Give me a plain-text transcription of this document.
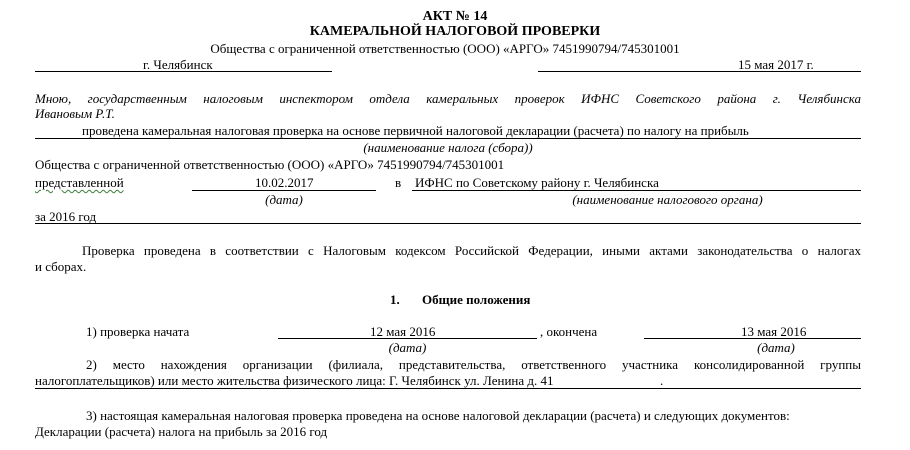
АКТ № 14
КАМЕРАЛЬНОЙ НАЛОГОВОЙ ПРОВЕРКИ
Общества с ограниченной ответственностью (ООО) «АРГО» 7451990794/745301001
г. Челябинск	15 мая 2017 г.
Мною, государственным налоговым инспектором отдела камеральных проверок ИФНС Советского района г. Челябинска
Ивановым Р.Т.
проведена камеральная налоговая проверка на основе первичной налоговой декларации (расчета) по налогу на прибыль
(наименование налога (сбора))
Общества с ограниченной ответственностью (ООО) «АРГО» 7451990794/745301001
представленной	10.02.2017	в ИФНС по Советскому району г. Челябинска
(дата)	(наименование налогового органа)
за 2016 год
Проверка проведена в соответствии с Налоговым кодексом Российской Федерации, иными актами законодательства о налогах
и сборах.
1. Общие положения
1) проверка начата	12 мая 2016	, окончена	13 мая 2016
(дата)	(дата)
2) место нахождения организации (филиала, представительства, ответственного участника консолидированной группы
налогоплательщиков) или место жительства физического лица: Г. Челябинск ул. Ленина д. 41	.
3) настоящая камеральная налоговая проверка проведена на основе налоговой декларации (расчета) и следующих документов:
Декларации (расчета) налога на прибыль за 2016 год
